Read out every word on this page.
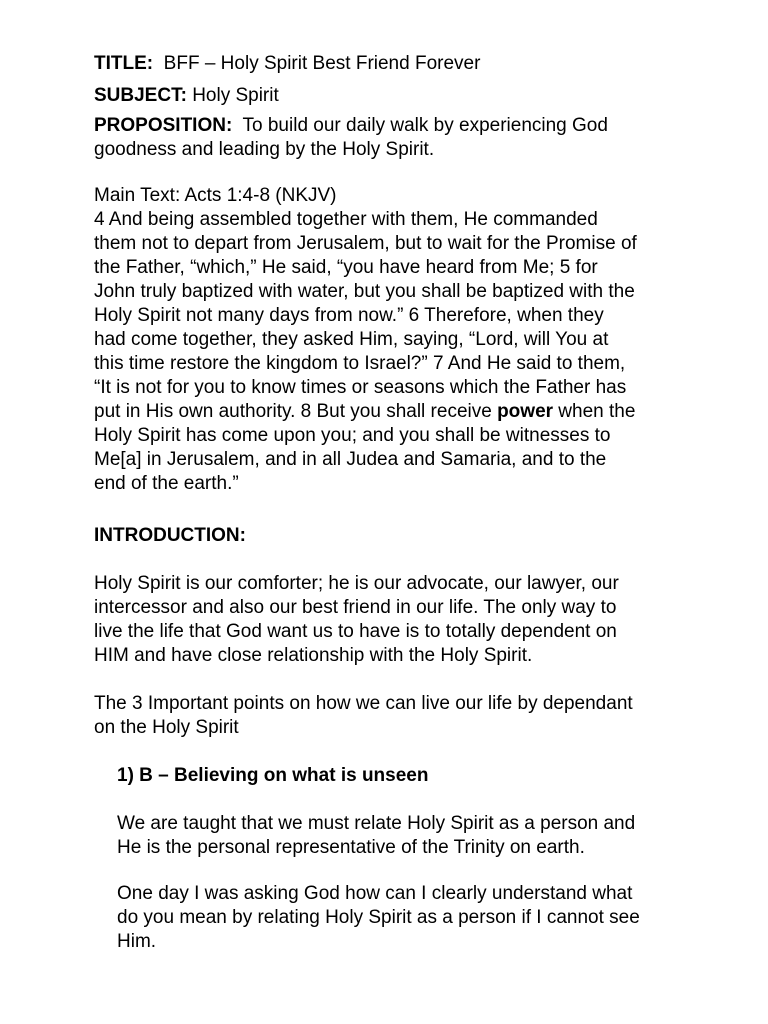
TITLE: BFF – Holy Spirit Best Friend Forever
SUBJECT: Holy Spirit
PROPOSITION: To build our daily walk by experiencing God
goodness and leading by the Holy Spirit.
Main Text: Acts 1:4-8 (NKJV)
4 And being assembled together with them, He commanded
them not to depart from Jerusalem, but to wait for the Promise of
the Father, “which,” He said, “you have heard from Me; 5 for
John truly baptized with water, but you shall be baptized with the
Holy Spirit not many days from now.” 6 Therefore, when they
had come together, they asked Him, saying, “Lord, will You at
this time restore the kingdom to Israel?” 7 And He said to them,
“It is not for you to know times or seasons which the Father has
put in His own authority. 8 But you shall receive power when the
Holy Spirit has come upon you; and you shall be witnesses to
Me[a] in Jerusalem, and in all Judea and Samaria, and to the
end of the earth.”
INTRODUCTION:
Holy Spirit is our comforter; he is our advocate, our lawyer, our
intercessor and also our best friend in our life. The only way to
live the life that God want us to have is to totally dependent on
HIM and have close relationship with the Holy Spirit.
The 3 Important points on how we can live our life by dependant
on the Holy Spirit
1) B – Believing on what is unseen
We are taught that we must relate Holy Spirit as a person and
He is the personal representative of the Trinity on earth.
One day I was asking God how can I clearly understand what
do you mean by relating Holy Spirit as a person if I cannot see
Him.
